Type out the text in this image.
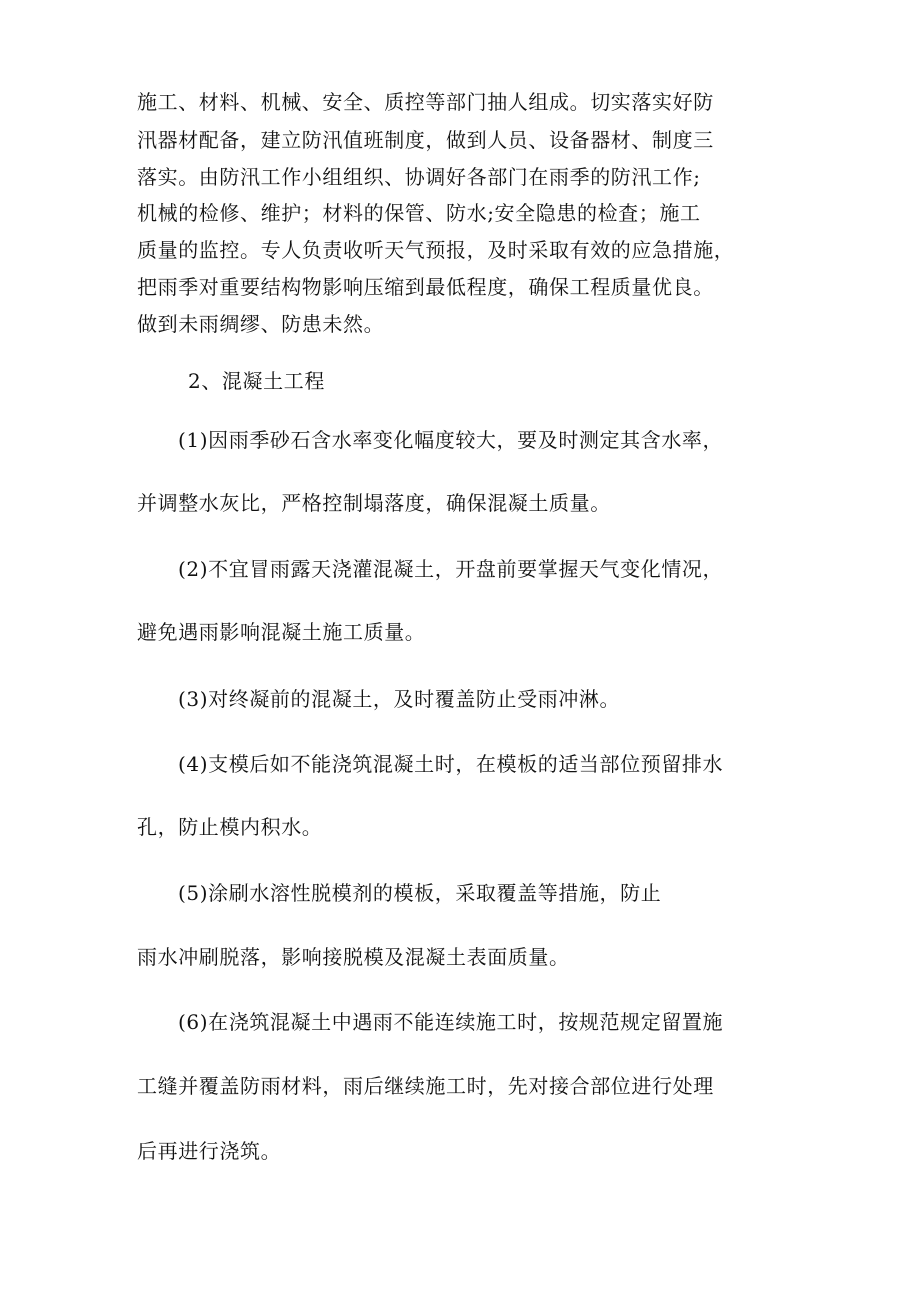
施工、材料、机械、安全、质控等部门抽人组成。切实落实好防
汛器材配备，建立防汛值班制度，做到人员、设备器材、制度三
落实。由防汛工作小组组织、协调好各部门在雨季的防汛工作;
机械的检修、维护；材料的保管、防水;安全隐患的检査；施工
质量的监控。专人负责收听天气预报，及时采取有效的应急措施，
把雨季对重要结构物影响压缩到最低程度，确保工程质量优良。
做到未雨绸缪、防患未然。
2、混凝土工程
(1)因雨季砂石含水率变化幅度较大，要及时测定其含水率，
并调整水灰比，严格控制塌落度，确保混凝土质量。
(2)不宜冒雨露天浇灌混凝土，开盘前要掌握天气变化情况，
避免遇雨影响混凝土施工质量。
(3)对终凝前的混凝土，及时覆盖防止受雨冲淋。
(4)支模后如不能浇筑混凝土时，在模板的适当部位预留排水
孔，防止模内积水。
(5)涂刷水溶性脱模剂的模板，采取覆盖等措施，防止
雨水冲刷脱落，影响接脱模及混凝土表面质量。
(6)在浇筑混凝土中遇雨不能连续施工时，按规范规定留置施
工缝并覆盖防雨材料，雨后继续施工时，先对接合部位进行处理
后再进行浇筑。
